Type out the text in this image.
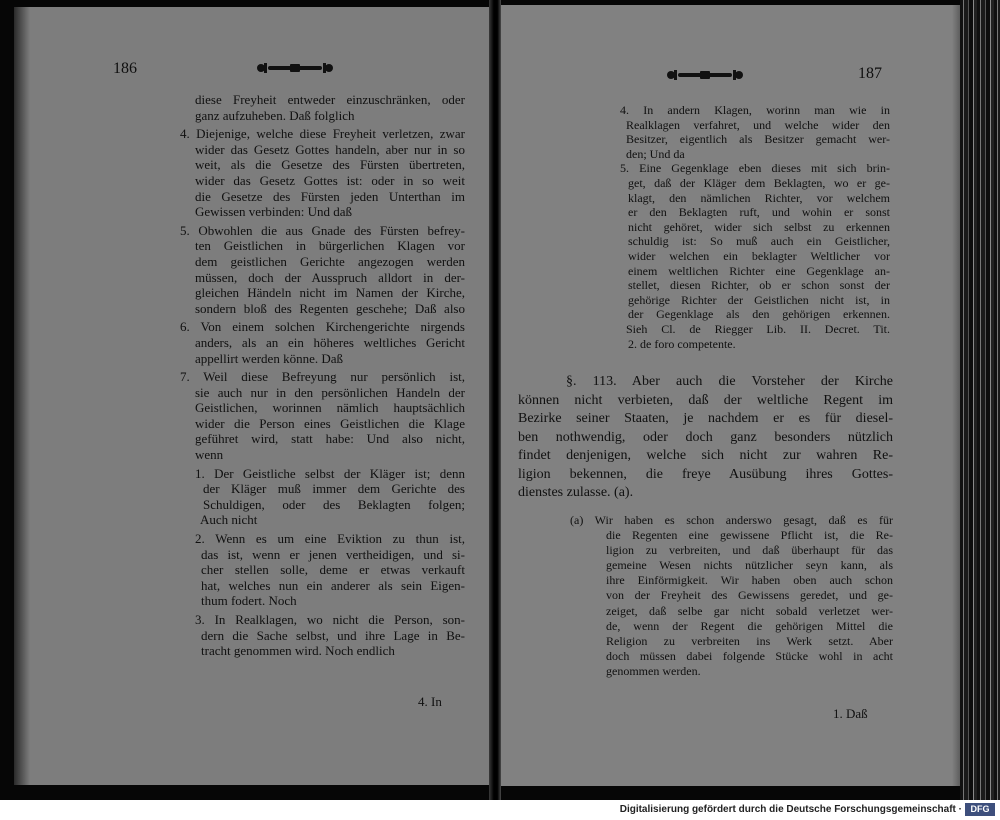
186
diese Freyheit entweder einzuschränken, oder
ganz aufzuheben. Daß folglich
4. Diejenige, welche diese Freyheit verletzen, zwar
wider das Gesetz Gottes handeln, aber nur in so
weit, als die Gesetze des Fürsten übertreten,
wider das Gesetz Gottes ist: oder in so weit
die Gesetze des Fürsten jeden Unterthan im
Gewissen verbinden: Und daß
5. Obwohlen die aus Gnade des Fürsten befrey-
ten Geistlichen in bürgerlichen Klagen vor
dem geistlichen Gerichte angezogen werden
müssen, doch der Ausspruch alldort in der-
gleichen Händeln nicht im Namen der Kirche,
sondern bloß des Regenten geschehe; Daß also
6. Von einem solchen Kirchengerichte nirgends
anders, als an ein höheres weltliches Gericht
appellirt werden könne. Daß
7. Weil diese Befreyung nur persönlich ist,
sie auch nur in den persönlichen Handeln der
Geistlichen, worinnen nämlich hauptsächlich
wider die Person eines Geistlichen die Klage
geführet wird, statt habe: Und also nicht,
wenn
1. Der Geistliche selbst der Kläger ist; denn
der Kläger muß immer dem Gerichte des
Schuldigen, oder des Beklagten folgen;
Auch nicht
2. Wenn es um eine Eviktion zu thun ist,
das ist, wenn er jenen vertheidigen, und si-
cher stellen solle, deme er etwas verkauft
hat, welches nun ein anderer als sein Eigen-
thum fodert. Noch
3. In Realklagen, wo nicht die Person, son-
dern die Sache selbst, und ihre Lage in Be-
tracht genommen wird. Noch endlich
4. In
187
4. In andern Klagen, worinn man wie in
Realklagen verfahret, und welche wider den
Besitzer, eigentlich als Besitzer gemacht wer-
den; Und da
5. Eine Gegenklage eben dieses mit sich brin-
get, daß der Kläger dem Beklagten, wo er ge-
klagt, den nämlichen Richter, vor welchem
er den Beklagten ruft, und wohin er sonst
nicht gehöret, wider sich selbst zu erkennen
schuldig ist: So muß auch ein Geistlicher,
wider welchen ein beklagter Weltlicher vor
einem weltlichen Richter eine Gegenklage an-
stellet, diesen Richter, ob er schon sonst der
gehörige Richter der Geistlichen nicht ist, in
der Gegenklage als den gehörigen erkennen.
Sieh Cl. de Riegger Lib. II. Decret. Tit.
2. de foro competente.
§. 113. Aber auch die Vorsteher der Kirche
können nicht verbieten, daß der weltliche Regent im
Bezirke seiner Staaten, je nachdem er es für diesel-
ben nothwendig, oder doch ganz besonders nützlich
findet denjenigen, welche sich nicht zur wahren Re-
ligion bekennen, die freye Ausübung ihres Gottes-
dienstes zulasse. (a).
(a) Wir haben es schon anderswo gesagt, daß es für
die Regenten eine gewissene Pflicht ist, die Re-
ligion zu verbreiten, und daß überhaupt für das
gemeine Wesen nichts nützlicher seyn kann, als
ihre Einförmigkeit. Wir haben oben auch schon
von der Freyheit des Gewissens geredet, und ge-
zeiget, daß selbe gar nicht sobald verletzet wer-
de, wenn der Regent die gehörigen Mittel die
Religion zu verbreiten ins Werk setzt. Aber
doch müssen dabei folgende Stücke wohl in acht
genommen werden.
1. Daß
Digitalisierung gefördert durch die Deutsche Forschungsgemeinschaft · DFG
